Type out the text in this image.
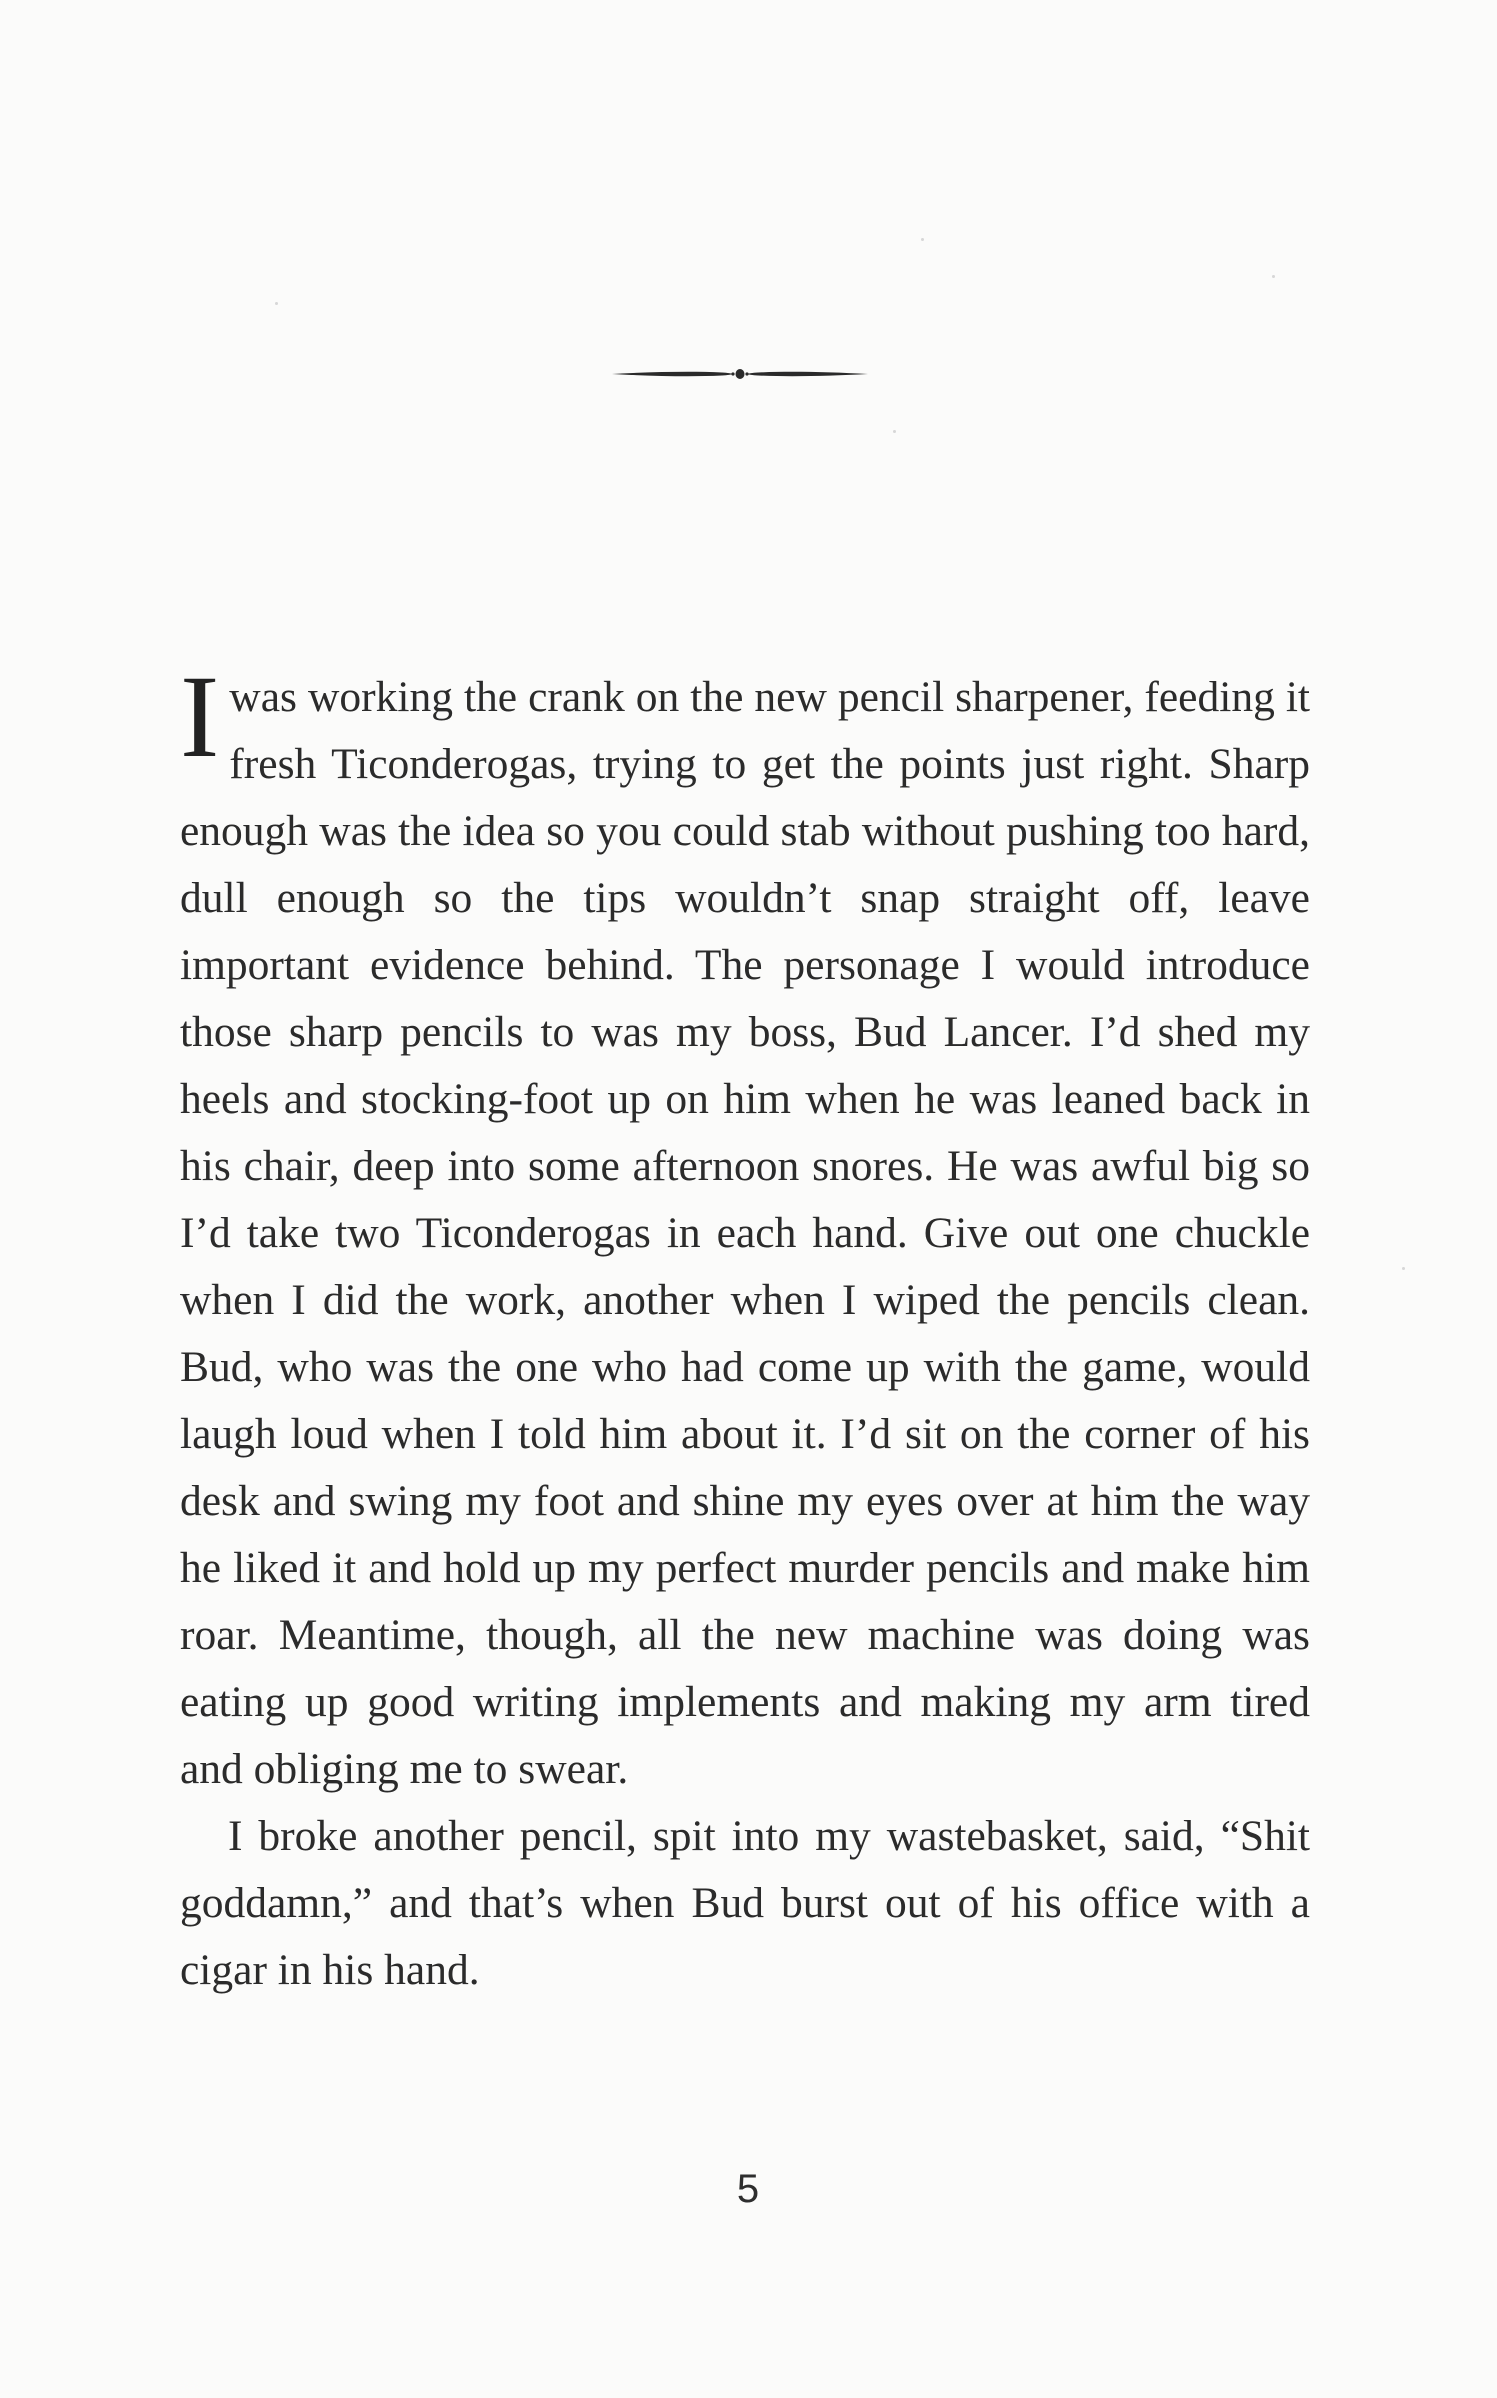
Iwas working the crank on the new pencil sharpener, feeding it fresh Ticonderogas, trying to get the points just right. Sharp enough was the idea so you could stab without pushing too hard, dull enough so the tips wouldn’t snap straight off, leave important evidence behind. The personage I would introduce those sharp pencils to was my boss, Bud Lancer. I’d shed my heels and stocking-foot up on him when he was leaned back in his chair, deep into some afternoon snores. He was awful big so I’d take two Ticonderogas in each hand. Give out one chuckle when I did the work, another when I wiped the pencils clean. Bud, who was the one who had come up with the game, would laugh loud when I told him about it. I’d sit on the corner of his desk and swing my foot and shine my eyes over at him the way he liked it and hold up my perfect murder pencils and make him roar. Meantime, though, all the new machine was doing was eating up good writing implements and making my arm tired and obliging me to swear.

I broke another pencil, spit into my wastebasket, said, “Shit goddamn,” and that’s when Bud burst out of his office with a cigar in his hand.

5
